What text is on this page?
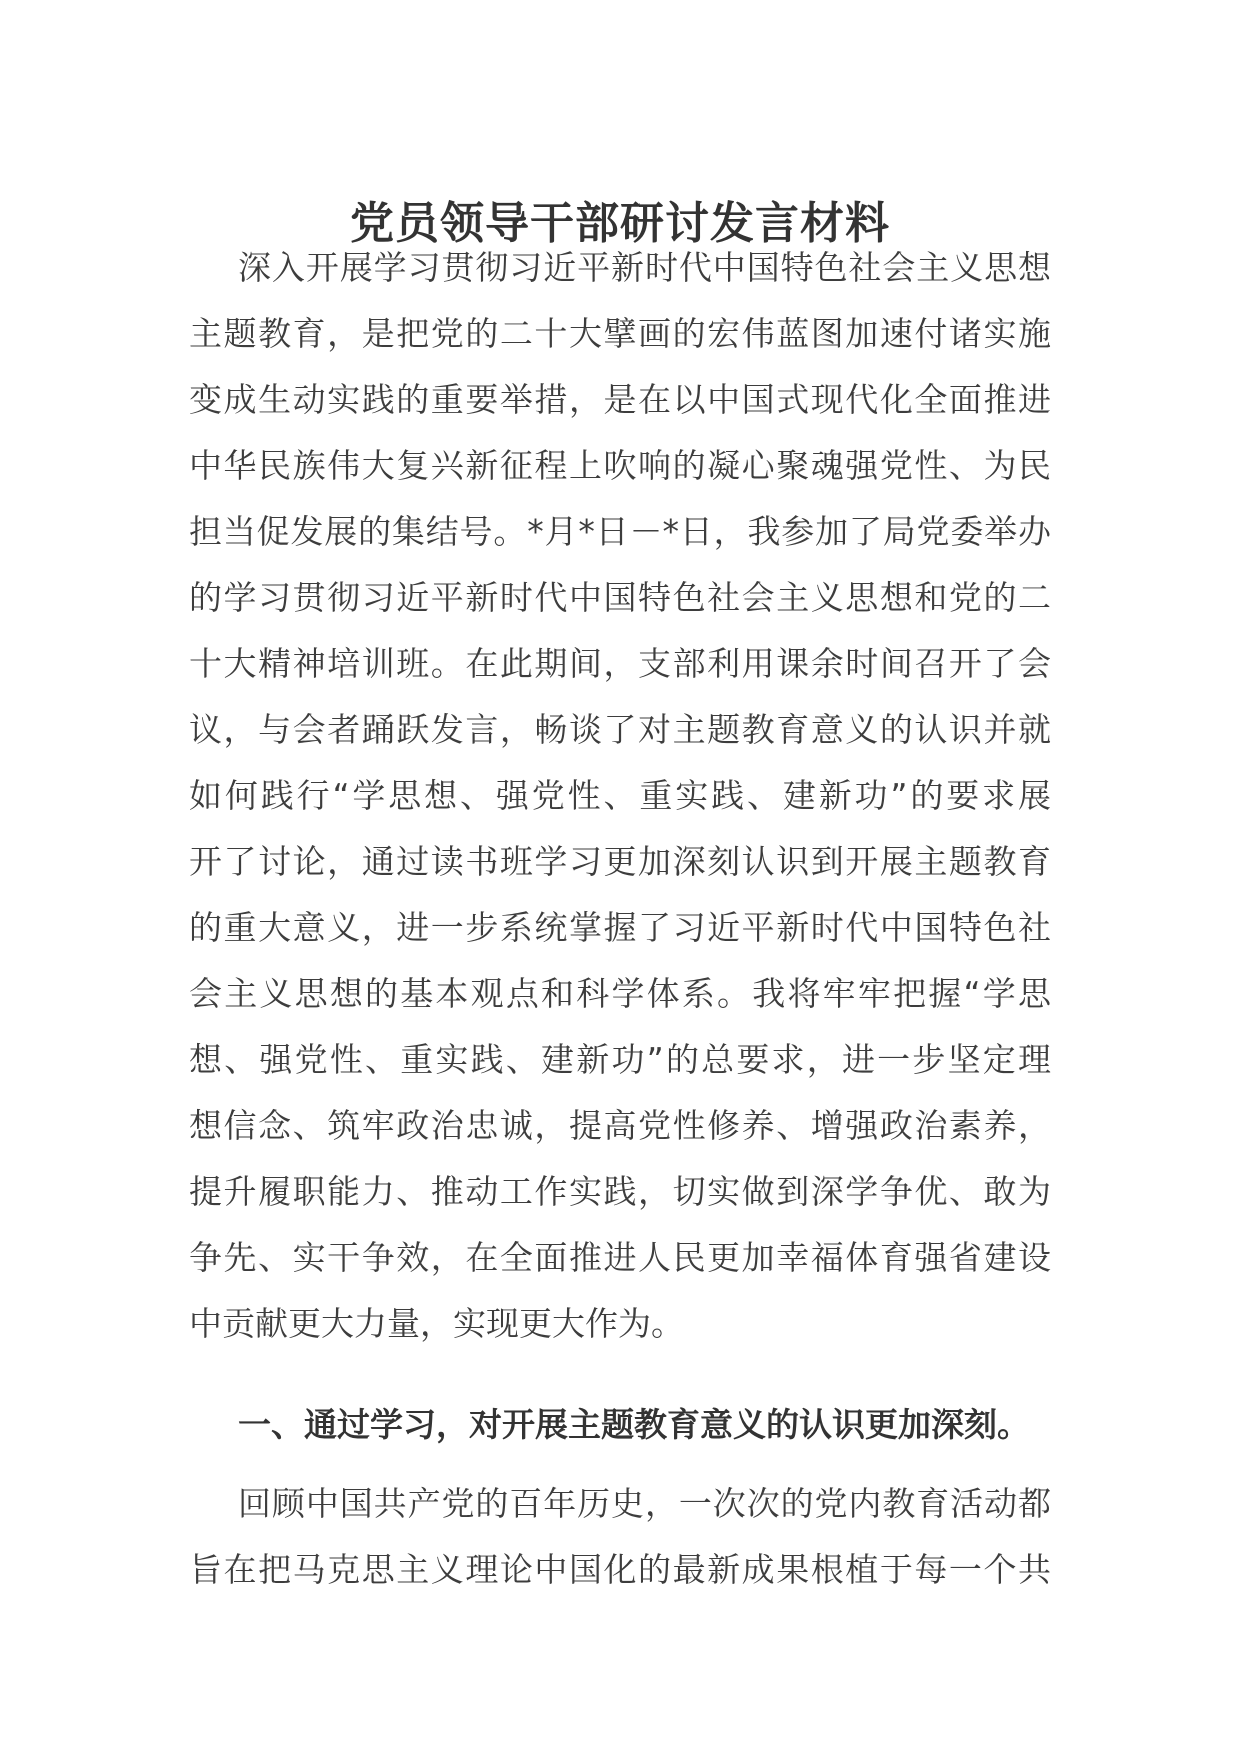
党员领导干部研讨发言材料
深入开展学习贯彻习近平新时代中国特色社会主义思想
主题教育，是把党的二十大擘画的宏伟蓝图加速付诸实施
变成生动实践的重要举措，是在以中国式现代化全面推进
中华民族伟大复兴新征程上吹响的凝心聚魂强党性、为民
担当促发展的集结号。*月*日－*日，我参加了局党委举办
的学习贯彻习近平新时代中国特色社会主义思想和党的二
十大精神培训班。在此期间，支部利用课余时间召开了会
议，与会者踊跃发言，畅谈了对主题教育意义的认识并就
如何践行“学思想、强党性、重实践、建新功”的要求展
开了讨论，通过读书班学习更加深刻认识到开展主题教育
的重大意义，进一步系统掌握了习近平新时代中国特色社
会主义思想的基本观点和科学体系。我将牢牢把握“学思
想、强党性、重实践、建新功”的总要求，进一步坚定理
想信念、筑牢政治忠诚，提高党性修养、增强政治素养，
提升履职能力、推动工作实践，切实做到深学争优、敢为
争先、实干争效，在全面推进人民更加幸福体育强省建设
中贡献更大力量，实现更大作为。
一、通过学习，对开展主题教育意义的认识更加深刻。
回顾中国共产党的百年历史，一次次的党内教育活动都
旨在把马克思主义理论中国化的最新成果根植于每一个共
